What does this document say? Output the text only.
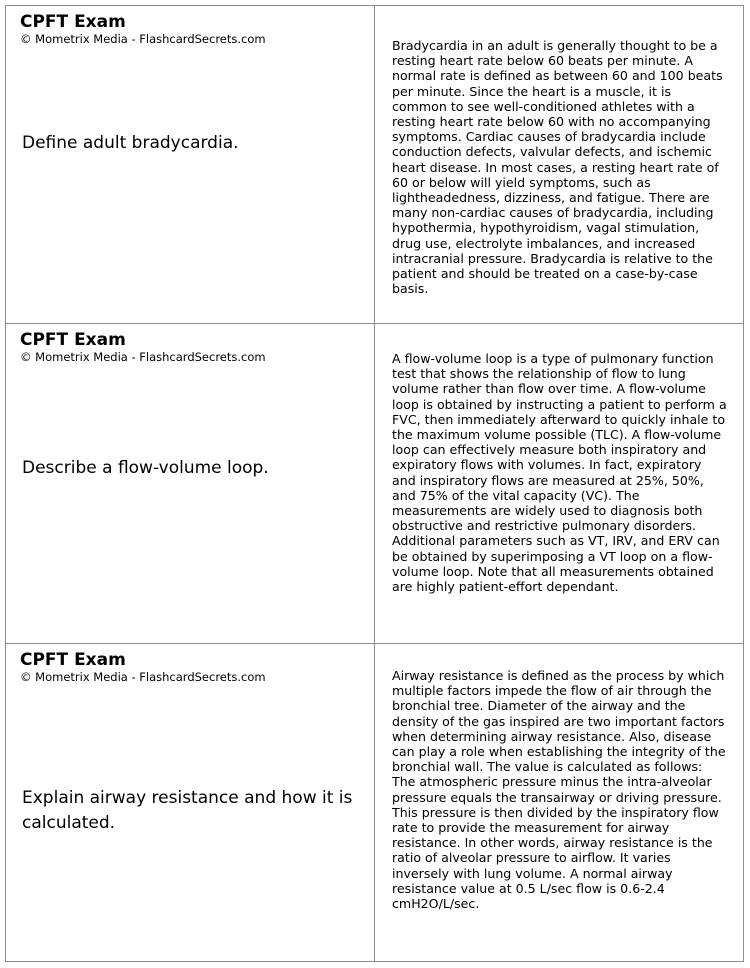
CPFT Exam
© Mometrix Media - FlashcardSecrets.com
Define adult bradycardia.
Bradycardia in an adult is generally thought to be a resting heart rate below 60 beats per minute. A normal rate is defined as between 60 and 100 beats per minute. Since the heart is a muscle, it is common to see well-conditioned athletes with a resting heart rate below 60 with no accompanying symptoms. Cardiac causes of bradycardia include conduction defects, valvular defects, and ischemic heart disease. In most cases, a resting heart rate of 60 or below will yield symptoms, such as lightheadedness, dizziness, and fatigue. There are many non-cardiac causes of bradycardia, including hypothermia, hypothyroidism, vagal stimulation, drug use, electrolyte imbalances, and increased intracranial pressure. Bradycardia is relative to the patient and should be treated on a case-by-case basis.
CPFT Exam
© Mometrix Media - FlashcardSecrets.com
Describe a flow-volume loop.
A flow-volume loop is a type of pulmonary function test that shows the relationship of flow to lung volume rather than flow over time. A flow-volume loop is obtained by instructing a patient to perform a FVC, then immediately afterward to quickly inhale to the maximum volume possible (TLC). A flow-volume loop can effectively measure both inspiratory and expiratory flows with volumes. In fact, expiratory and inspiratory flows are measured at 25%, 50%, and 75% of the vital capacity (VC). The measurements are widely used to diagnosis both obstructive and restrictive pulmonary disorders. Additional parameters such as VT, IRV, and ERV can be obtained by superimposing a VT loop on a flow-volume loop. Note that all measurements obtained are highly patient-effort dependant.
CPFT Exam
© Mometrix Media - FlashcardSecrets.com
Explain airway resistance and how it is calculated.
Airway resistance is defined as the process by which multiple factors impede the flow of air through the bronchial tree. Diameter of the airway and the density of the gas inspired are two important factors when determining airway resistance. Also, disease can play a role when establishing the integrity of the bronchial wall. The value is calculated as follows: The atmospheric pressure minus the intra-alveolar pressure equals the transairway or driving pressure. This pressure is then divided by the inspiratory flow rate to provide the measurement for airway resistance. In other words, airway resistance is the ratio of alveolar pressure to airflow. It varies inversely with lung volume. A normal airway resistance value at 0.5 L/sec flow is 0.6-2.4 cmH2O/L/sec.
